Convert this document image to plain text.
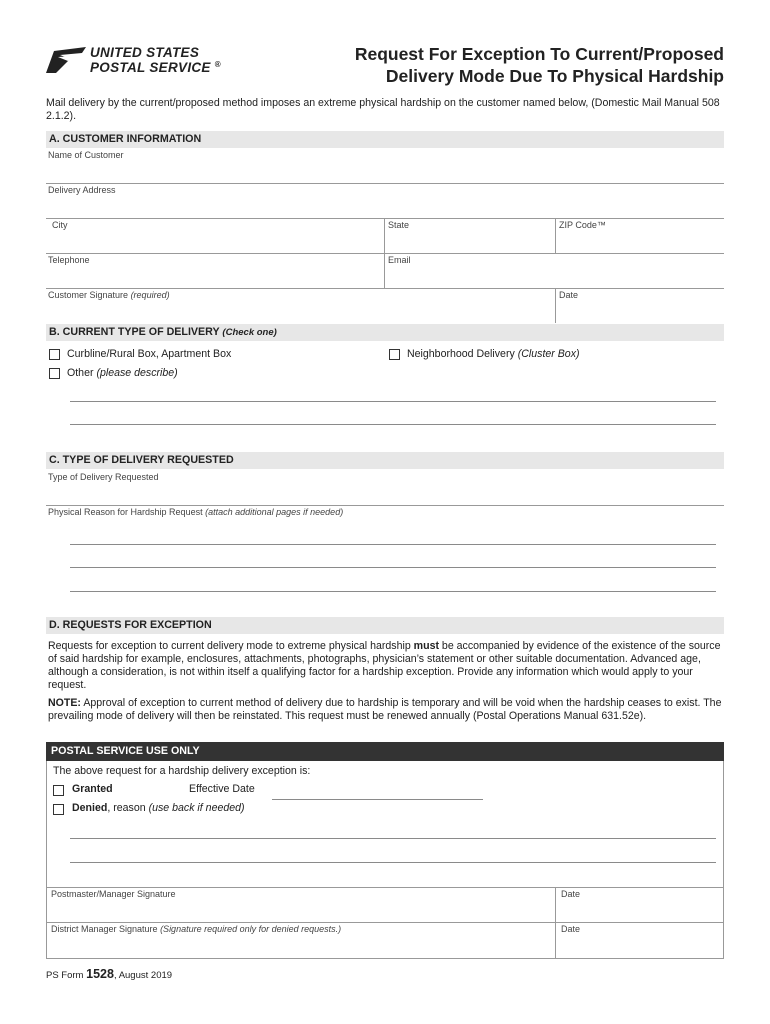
UNITED STATES
POSTAL SERVICE ®
Request For Exception To Current/Proposed
Delivery Mode Due To Physical Hardship
Mail delivery by the current/proposed method imposes an extreme physical hardship on the customer named below, (Domestic Mail Manual 508 2.1.2).
A. CUSTOMER INFORMATION
Name of Customer
Delivery Address
City	State	ZIP Code™
Telephone	Email
Customer Signature (required)	Date
B. CURRENT TYPE OF DELIVERY (Check one)
Curbline/Rural Box, Apartment Box	Neighborhood Delivery (Cluster Box)
Other (please describe)
C. TYPE OF DELIVERY REQUESTED
Type of Delivery Requested
Physical Reason for Hardship Request (attach additional pages if needed)
D. REQUESTS FOR EXCEPTION
Requests for exception to current delivery mode to extreme physical hardship must be accompanied by evidence of the existence of the source of said hardship for example, enclosures, attachments, photographs, physician’s statement or other suitable documentation. Advanced age, although a consideration, is not within itself a qualifying factor for a hardship exception. Provide any information which would apply to your request.
NOTE: Approval of exception to current method of delivery due to hardship is temporary and will be void when the hardship ceases to exist. The prevailing mode of delivery will then be reinstated. This request must be renewed annually (Postal Operations Manual 631.52e).
POSTAL SERVICE USE ONLY
The above request for a hardship delivery exception is:
Granted	Effective Date
Denied, reason (use back if needed)
Postmaster/Manager Signature	Date
District Manager Signature (Signature required only for denied requests.)	Date
PS Form 1528, August 2019
